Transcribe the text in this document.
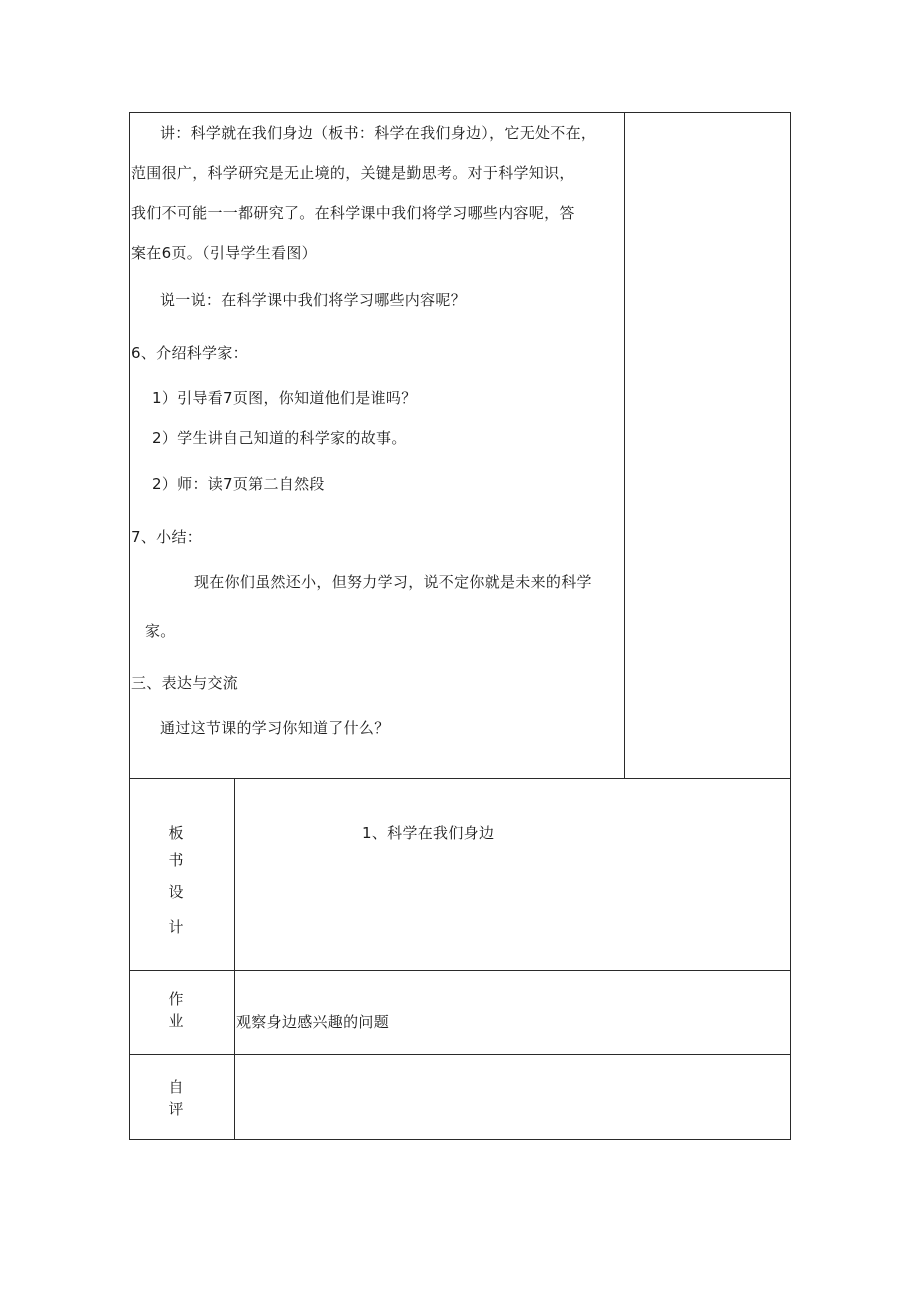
讲：科学就在我们身边（板书：科学在我们身边），它无处不在，
范围很广，科学研究是无止境的，关键是勤思考。对于科学知识，
我们不可能一一都研究了。在科学课中我们将学习哪些内容呢，答
案在6页。（引导学生看图）
说一说：在科学课中我们将学习哪些内容呢？
6、介绍科学家：
1）引导看7页图，你知道他们是谁吗？
2）学生讲自己知道的科学家的故事。
2）师：读7页第二自然段
7、小结：
现在你们虽然还小，但努力学习，说不定你就是未来的科学
家。
三、表达与交流
通过这节课的学习你知道了什么？
板
书
设
计
1、科学在我们身边
作
业	观察身边感兴趣的问题
自
评
